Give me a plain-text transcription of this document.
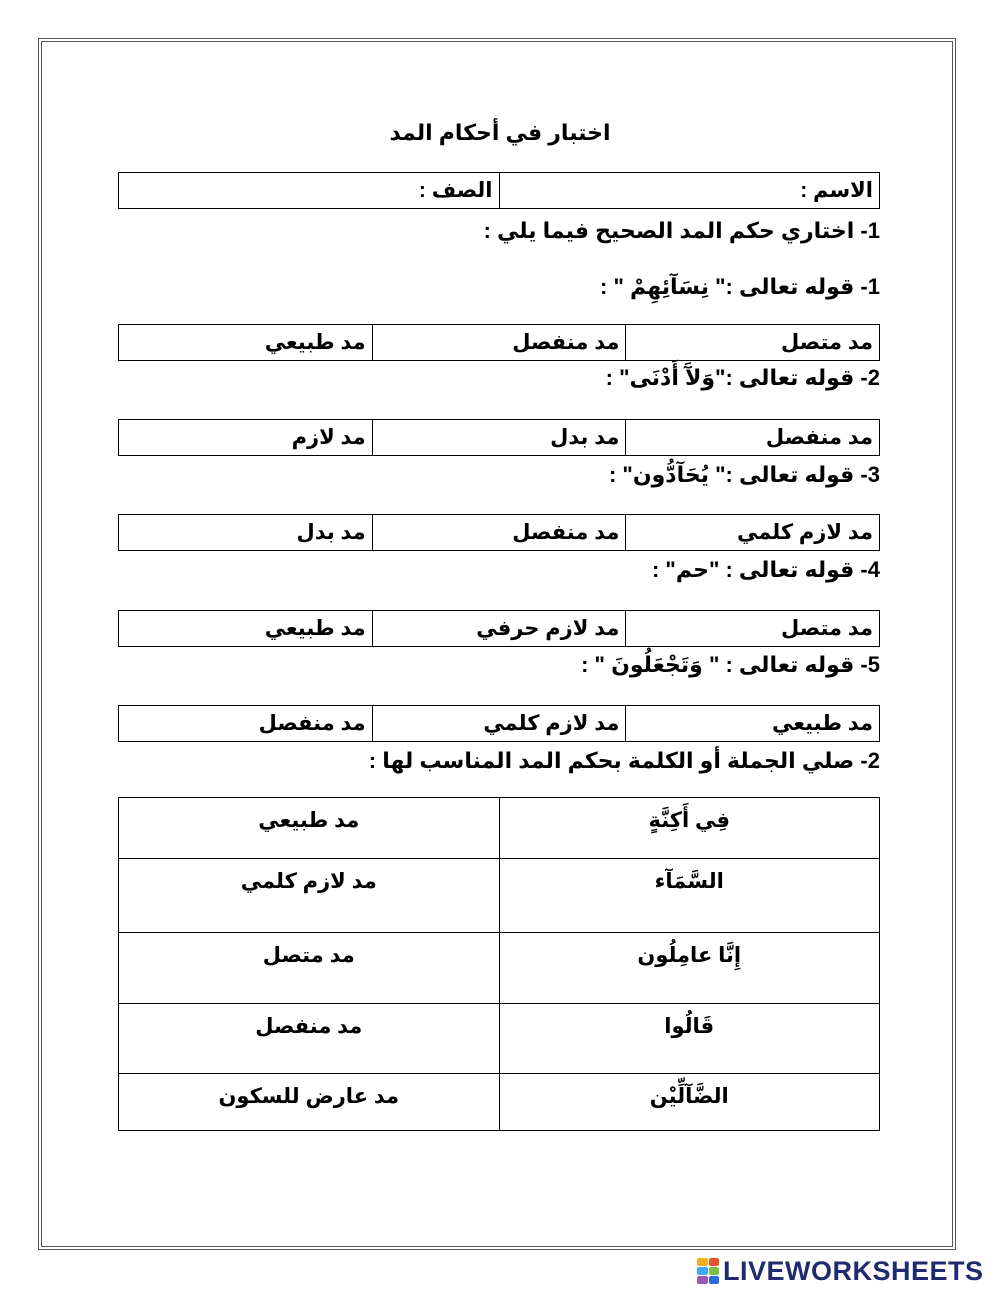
اختبار في أحكام المد
الاسم :	الصف :
1- اختاري حكم المد الصحيح فيما يلي :
1- قوله تعالى :" نِسَآئِهِمْ " :
مد متصل	مد منفصل	مد طبيعي
2- قوله تعالى :"وَلآَ أَدْنَى" :
مد منفصل	مد بدل	مد لازم
3- قوله تعالى :" يُحَآدُّون" :
مد لازم كلمي	مد منفصل	مد بدل
4- قوله تعالى : "حم" :
مد متصل	مد لازم حرفي	مد طبيعي
5- قوله تعالى : " وَتَجْعَلُونَ " :
مد طبيعي	مد لازم كلمي	مد منفصل
2- صلي الجملة أو الكلمة بحكم المد المناسب لها :
فِي أَكِنَّةٍ	مد طبيعي
السَّمَآء	مد لازم كلمي
إِنَّا عامِلُون	مد متصل
قَالُوا	مد منفصل
الضَّآلِّيْن	مد عارض للسكون
LIVEWORKSHEETS
